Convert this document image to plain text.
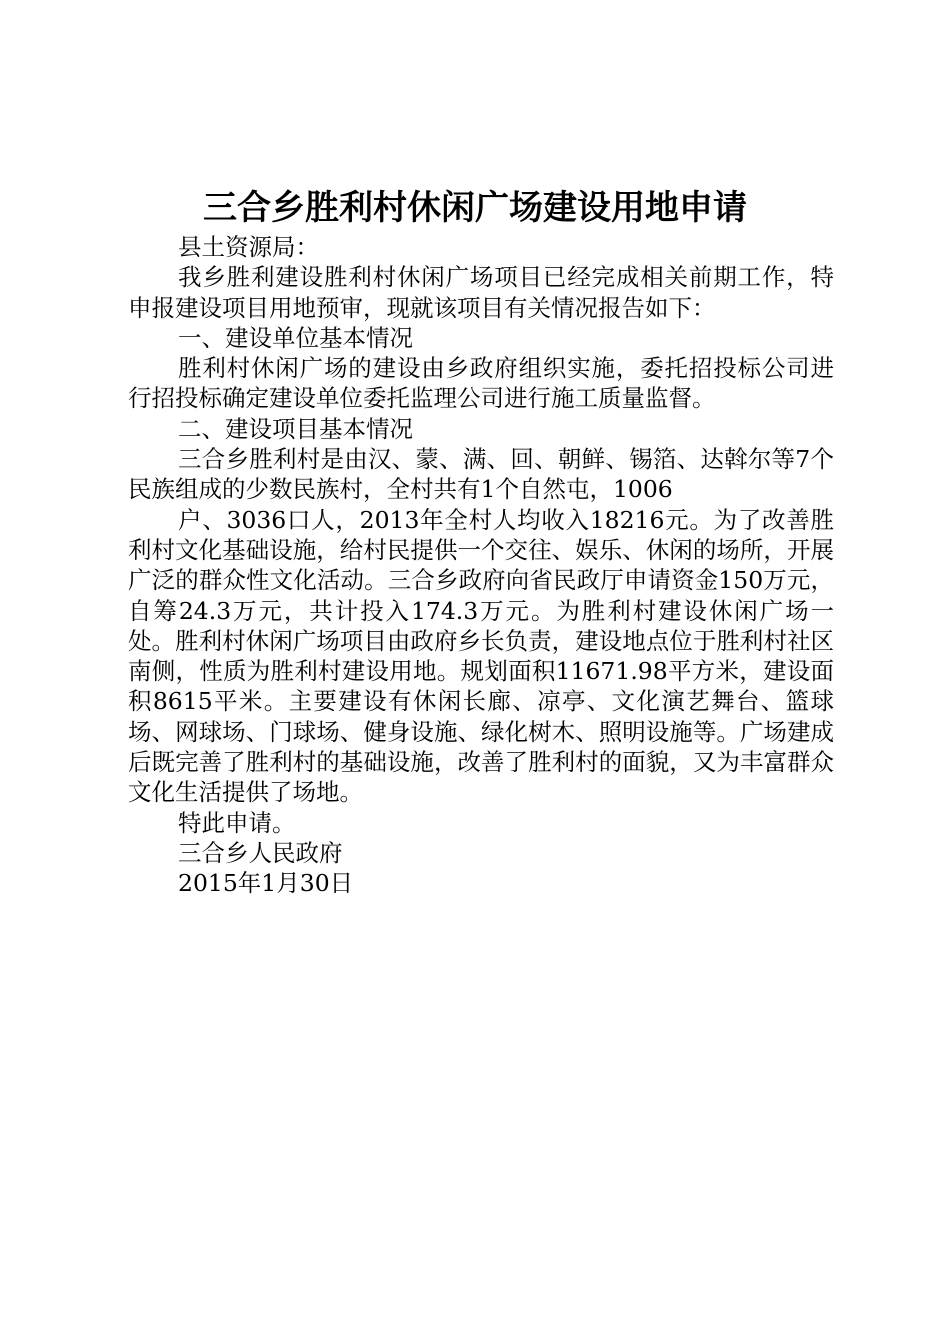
三合乡胜利村休闲广场建设用地申请

县土资源局：

我乡胜利建设胜利村休闲广场项目已经完成相关前期工作，特申报建设项目用地预审，现就该项目有关情况报告如下：

一、建设单位基本情况

胜利村休闲广场的建设由乡政府组织实施，委托招投标公司进行招投标确定建设单位委托监理公司进行施工质量监督。

二、建设项目基本情况

三合乡胜利村是由汉、蒙、满、回、朝鲜、锡箔、达斡尔等7个民族组成的少数民族村，全村共有1个自然屯，1006

户、3036口人，2013年全村人均收入18216元。为了改善胜利村文化基础设施，给村民提供一个交往、娱乐、休闲的场所，开展广泛的群众性文化活动。三合乡政府向省民政厅申请资金150万元，自筹24.3万元，共计投入174.3万元。为胜利村建设休闲广场一处。胜利村休闲广场项目由政府乡长负责，建设地点位于胜利村社区南侧，性质为胜利村建设用地。规划面积11671.98平方米，建设面积8615平米。主要建设有休闲长廊、凉亭、文化演艺舞台、篮球场、网球场、门球场、健身设施、绿化树木、照明设施等。广场建成后既完善了胜利村的基础设施，改善了胜利村的面貌，又为丰富群众文化生活提供了场地。

特此申请。

三合乡人民政府

2015年1月30日
